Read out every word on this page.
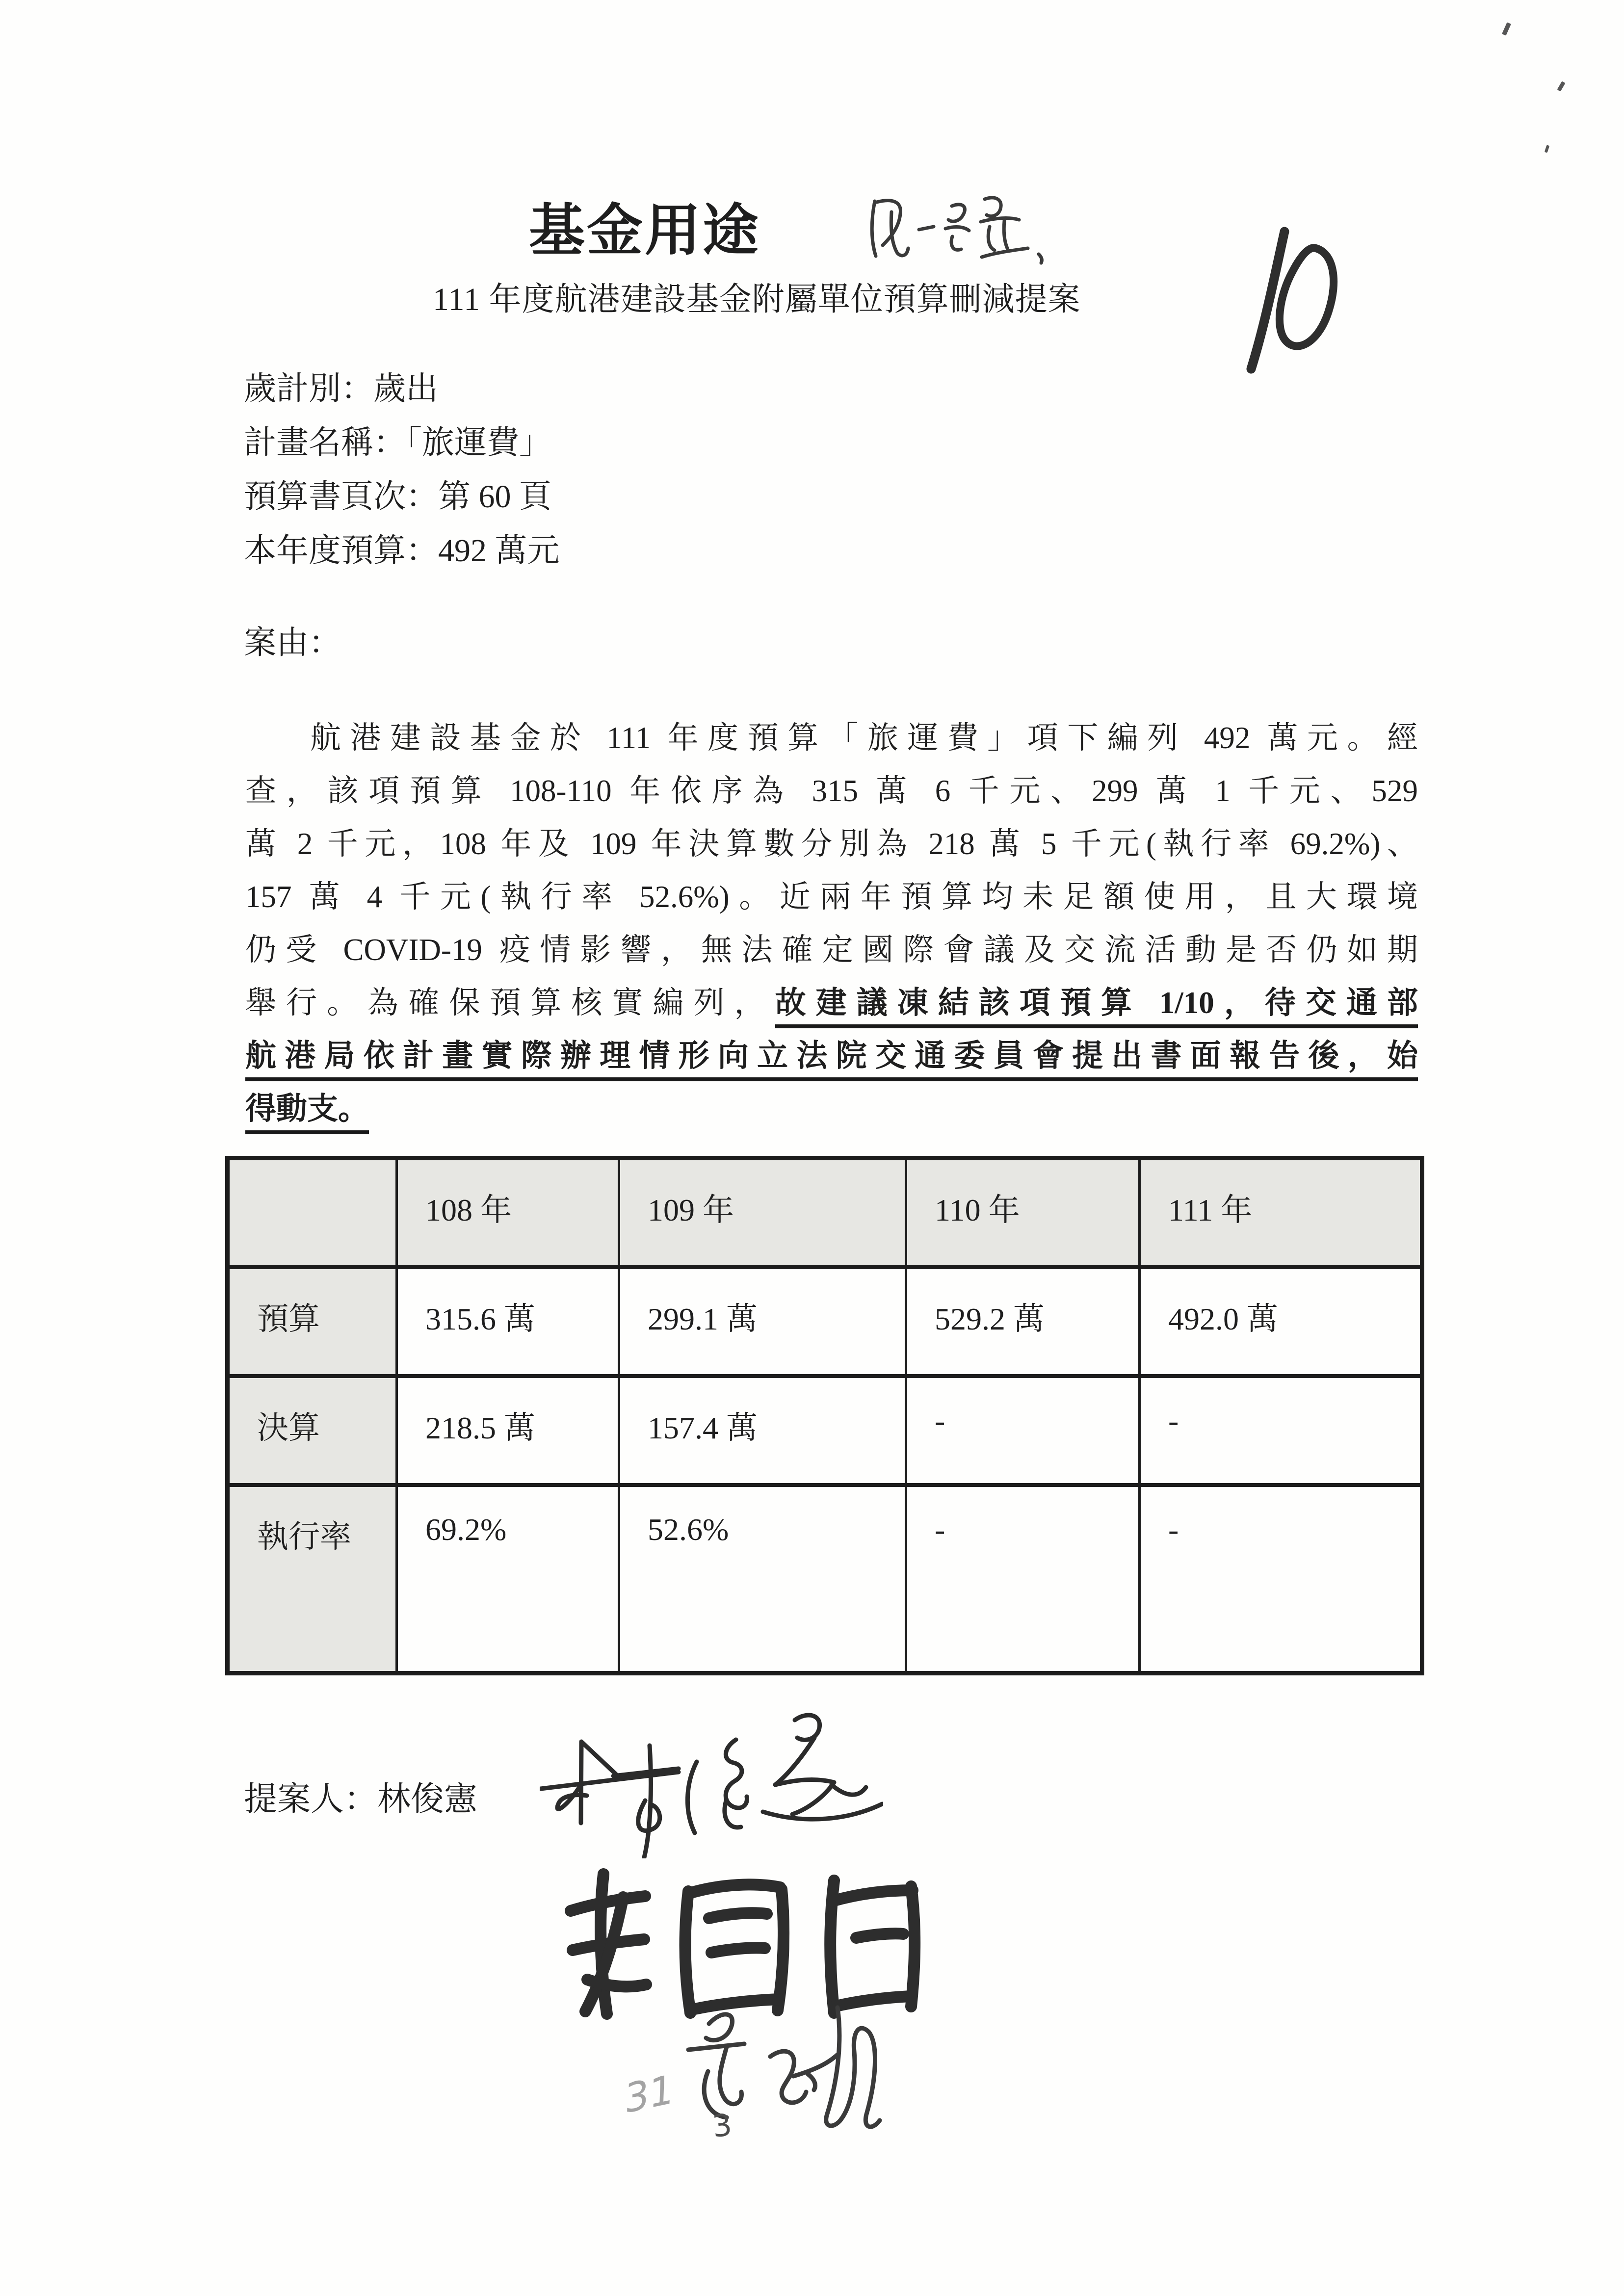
基金用途
111 年度航港建設基金附屬單位預算刪減提案
歲計別：歲出
計畫名稱：「旅運費」
預算書頁次：第 60 頁
本年度預算：492 萬元
案由：
航港建設基金於 111 年度預算「旅運費」項下編列 492 萬元。經
查，該項預算 108-110 年依序為 315 萬 6 千元、299 萬 1 千元、529
萬 2 千元，108 年及 109 年決算數分別為 218 萬 5 千元(執行率 69.2%)、
157 萬 4 千元(執行率 52.6%)。近兩年預算均未足額使用，且大環境
仍受 COVID-19 疫情影響，無法確定國際會議及交流活動是否仍如期
舉行。為確保預算核實編列，故建議凍結該項預算 1/10，待交通部
航港局依計畫實際辦理情形向立法院交通委員會提出書面報告後，始
得動支。
	108 年	109 年	110 年	111 年
預算	315.6 萬	299.1 萬	529.2 萬	492.0 萬
決算	218.5 萬	157.4 萬	-	-
執行率	69.2%	52.6%	-	-
提案人：林俊憲
31
3
